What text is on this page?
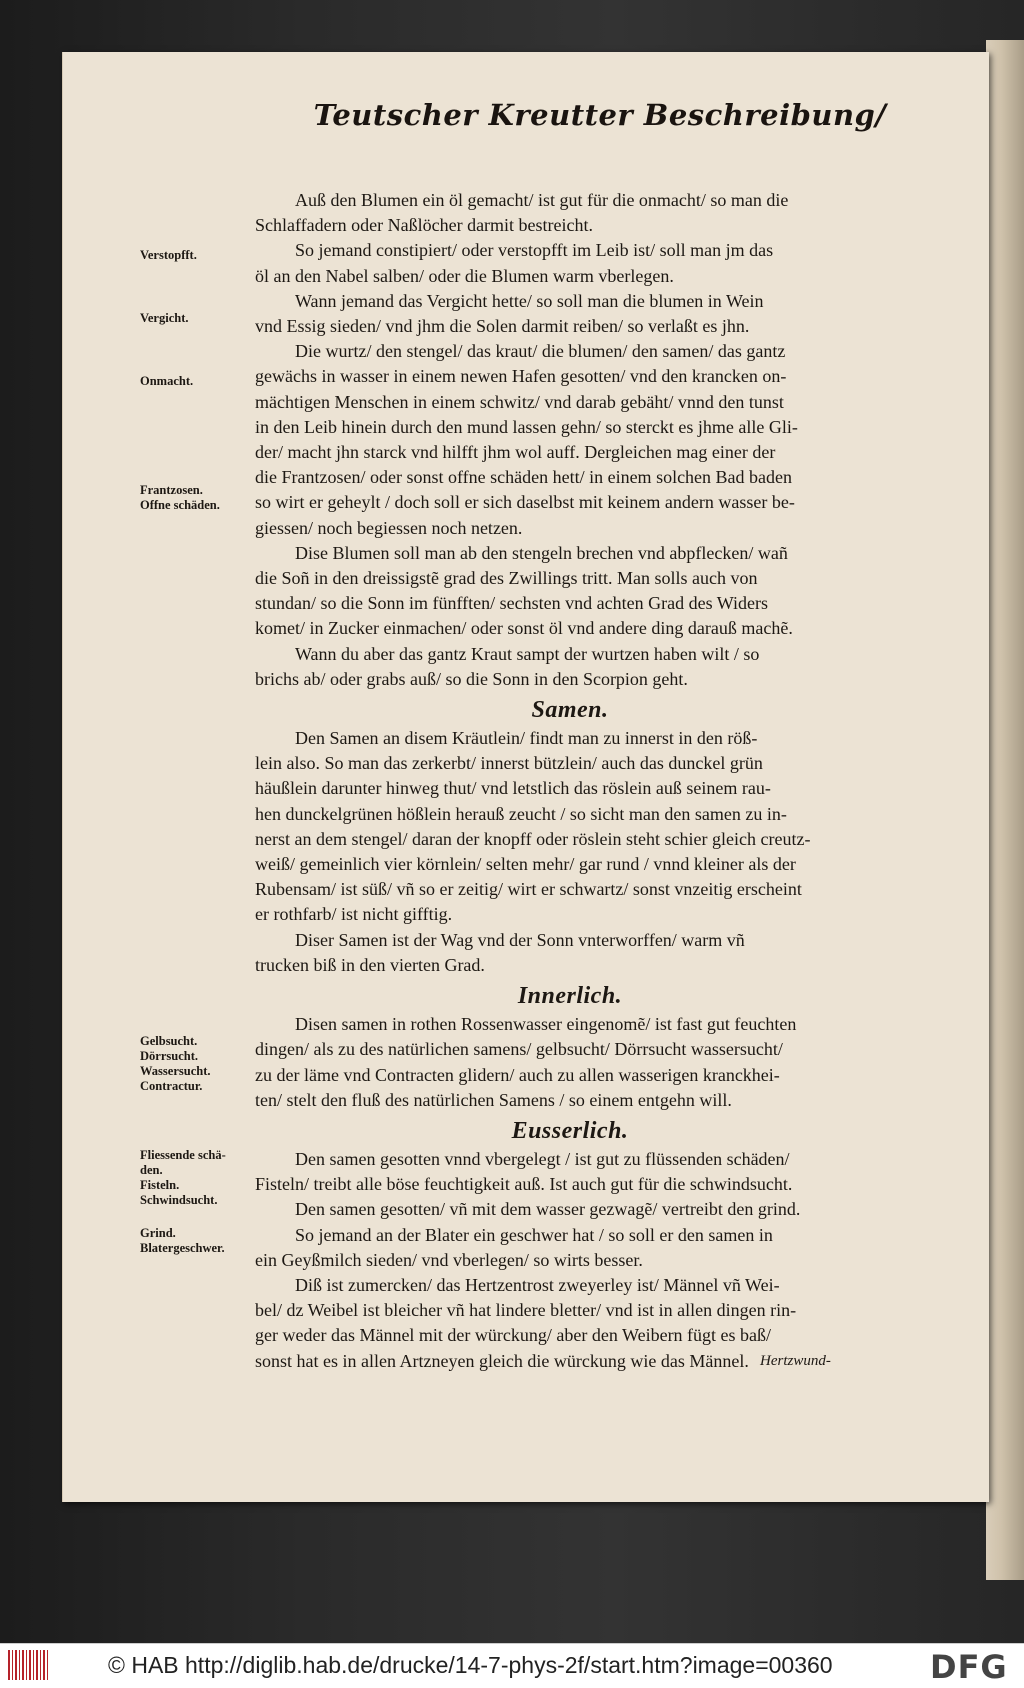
Teutscher Kreutter Beschreibung/

Auß den Blumen ein öl gemacht/ ist gut für die onmacht/ so man die
Schlaffadern oder Naßlöcher darmit bestreicht.

So jemand constipiert/ oder verstopfft im Leib ist/ soll man jm das
öl an den Nabel salben/ oder die Blumen warm vberlegen.

Wann jemand das Vergicht hette/ so soll man die blumen in Wein
vnd Essig sieden/ vnd jhm die Solen darmit reiben/ so verlaßt es jhn.

Die wurtz/ den stengel/ das kraut/ die blumen/ den samen/ das gantz
gewächs in wasser in einem newen Hafen gesotten/ vnd den krancken on-
mächtigen Menschen in einem schwitz/ vnd darab gebäht/ vnnd den tunst
in den Leib hinein durch den mund lassen gehn/ so sterckt es jhme alle Gli-
der/ macht jhn starck vnd hilfft jhm wol auff. Dergleichen mag einer der
die Frantzosen/ oder sonst offne schäden hett/ in einem solchen Bad baden
so wirt er geheylt / doch soll er sich daselbst mit keinem andern wasser be-
giessen/ noch begiessen noch netzen.

Dise Blumen soll man ab den stengeln brechen vnd abpflecken/ wañ
die Soñ in den dreissigstẽ grad des Zwillings tritt. Man solls auch von
stundan/ so die Sonn im fünfften/ sechsten vnd achten Grad des Widers
komet/ in Zucker einmachen/ oder sonst öl vnd andere ding darauß machẽ.

Wann du aber das gantz Kraut sampt der wurtzen haben wilt / so
brichs ab/ oder grabs auß/ so die Sonn in den Scorpion geht.

Samen.

Den Samen an disem Kräutlein/ findt man zu innerst in den röß-
lein also. So man das zerkerbt/ innerst bützlein/ auch das dunckel grün
häußlein darunter hinweg thut/ vnd letstlich das röslein auß seinem rau-
hen dunckelgrünen hößlein herauß zeucht / so sicht man den samen zu in-
nerst an dem stengel/ daran der knopff oder röslein steht schier gleich creutz-
weiß/ gemeinlich vier körnlein/ selten mehr/ gar rund / vnnd kleiner als der
Rubensam/ ist süß/ vñ so er zeitig/ wirt er schwartz/ sonst vnzeitig erscheint
er rothfarb/ ist nicht gifftig.

Diser Samen ist der Wag vnd der Sonn vnterworffen/ warm vñ
trucken biß in den vierten Grad.

Innerlich.

Disen samen in rothen Rossenwasser eingenomẽ/ ist fast gut feuchten
dingen/ als zu des natürlichen samens/ gelbsucht/ Dörrsucht wassersucht/
zu der läme vnd Contracten glidern/ auch zu allen wasserigen kranckhei-
ten/ stelt den fluß des natürlichen Samens / so einem entgehn will.

Eusserlich.

Den samen gesotten vnnd vbergelegt / ist gut zu flüssenden schäden/
Fisteln/ treibt alle böse feuchtigkeit auß. Ist auch gut für die schwindsucht.

Den samen gesotten/ vñ mit dem wasser gezwagẽ/ vertreibt den grind.

So jemand an der Blater ein geschwer hat / so soll er den samen in
ein Geyßmilch sieden/ vnd vberlegen/ so wirts besser.

Diß ist zumercken/ das Hertzentrost zweyerley ist/ Männel vñ Wei-
bel/ dz Weibel ist bleicher vñ hat lindere bletter/ vnd ist in allen dingen rin-
ger weder das Männel mit der würckung/ aber den Weibern fügt es baß/
sonst hat es in allen Artzneyen gleich die würckung wie das Männel.

Verstopfft.
Vergicht.
Onmacht.
Frantzosen.
Offne schäden.
Gelbsucht.
Dörrsucht.
Wassersucht.
Contractur.
Fliessende schä-
den.
Fisteln.
Schwindsucht.
Grind.
Blatergeschwer.
Hertzwund-
© HAB http://diglib.hab.de/drucke/14-7-phys-2f/start.htm?image=00360	DFG
